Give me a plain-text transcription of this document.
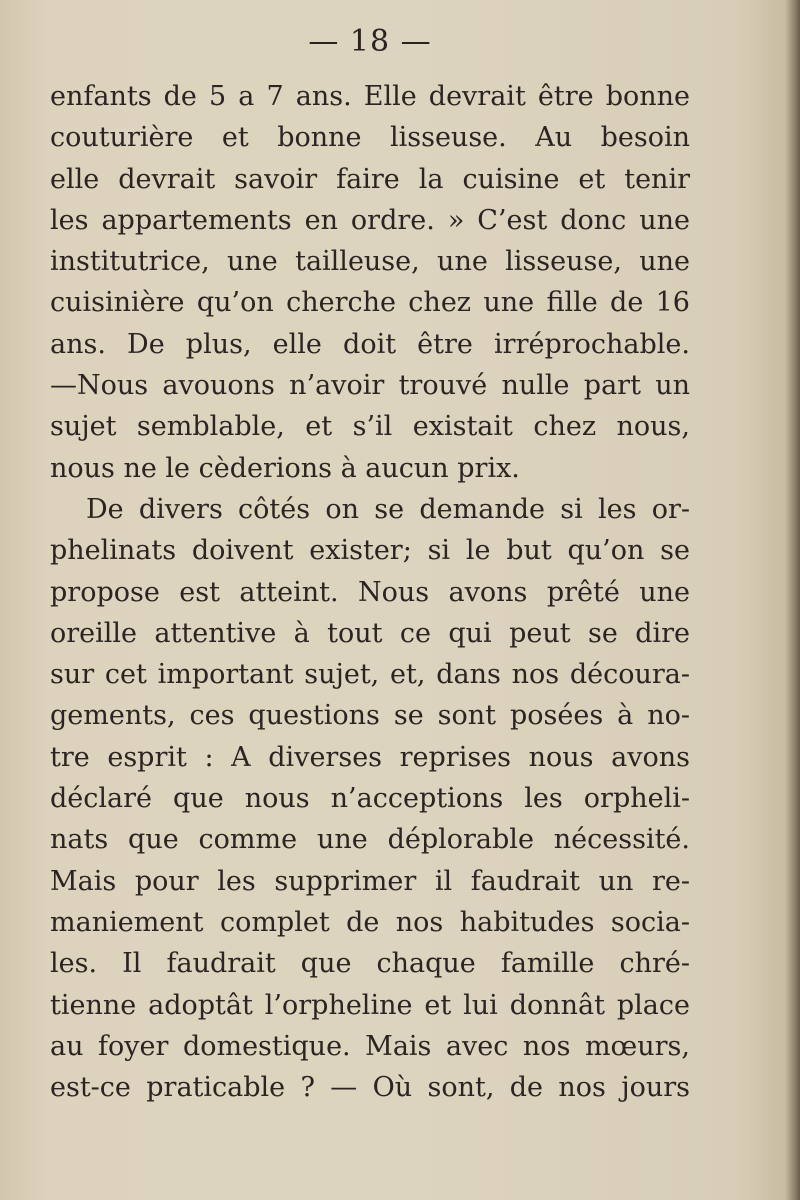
— 18 —
enfants de 5 a 7 ans. Elle devrait être bonne
couturière et bonne lisseuse. Au besoin
elle devrait savoir faire la cuisine et tenir
les appartements en ordre. » C’est donc une
institutrice, une tailleuse, une lisseuse, une
cuisinière qu’on cherche chez une fille de 16
ans. De plus, elle doit être irréprochable.
—Nous avouons n’avoir trouvé nulle part un
sujet semblable, et s’il existait chez nous,
nous ne le cèderions à aucun prix.
De divers côtés on se demande si les or-
phelinats doivent exister; si le but qu’on se
propose est atteint. Nous avons prêté une
oreille attentive à tout ce qui peut se dire
sur cet important sujet, et, dans nos découra-
gements, ces questions se sont posées à no-
tre esprit : A diverses reprises nous avons
déclaré que nous n’acceptions les orpheli-
nats que comme une déplorable nécessité.
Mais pour les supprimer il faudrait un re-
maniement complet de nos habitudes socia-
les. Il faudrait que chaque famille chré-
tienne adoptât l’orpheline et lui donnât place
au foyer domestique. Mais avec nos mœurs,
est-ce praticable ? — Où sont, de nos jours
